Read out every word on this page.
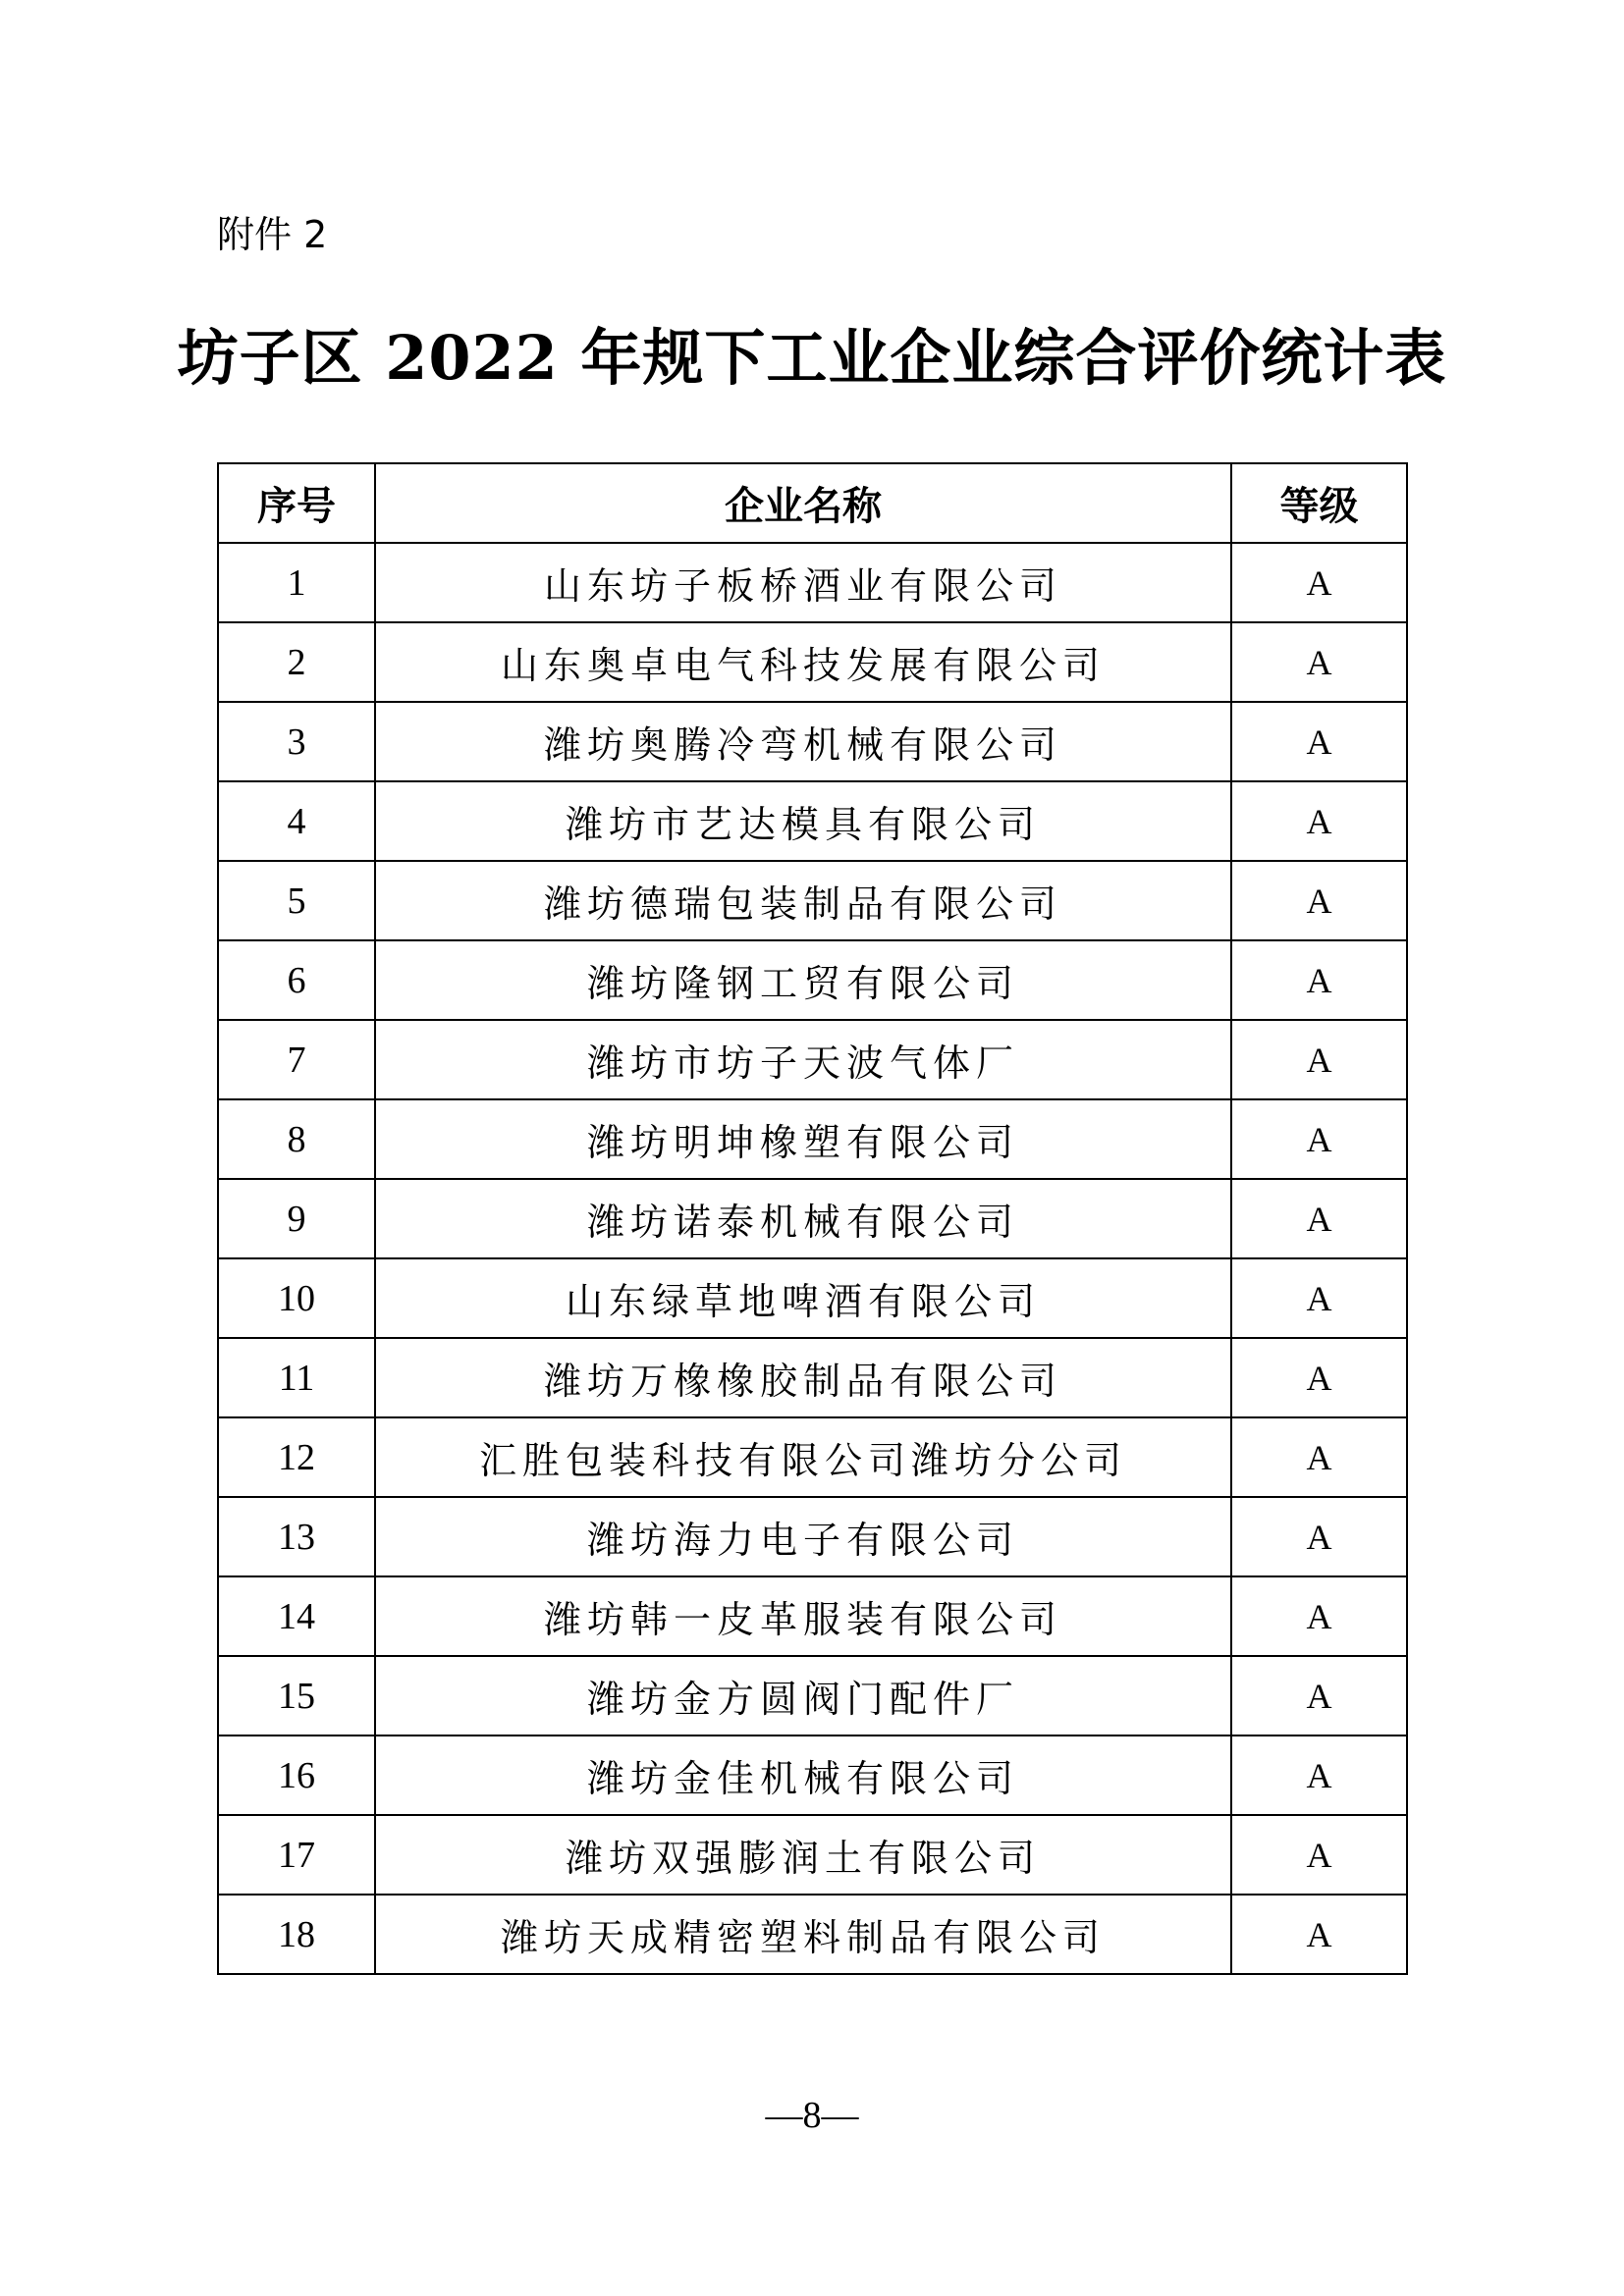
附件 2
坊子区 2022 年规下工业企业综合评价统计表
序号	企业名称	等级
1	山东坊子板桥酒业有限公司	A
2	山东奥卓电气科技发展有限公司	A
3	潍坊奥腾冷弯机械有限公司	A
4	潍坊市艺达模具有限公司	A
5	潍坊德瑞包装制品有限公司	A
6	潍坊隆钢工贸有限公司	A
7	潍坊市坊子天波气体厂	A
8	潍坊明坤橡塑有限公司	A
9	潍坊诺泰机械有限公司	A
10	山东绿草地啤酒有限公司	A
11	潍坊万橡橡胶制品有限公司	A
12	汇胜包装科技有限公司潍坊分公司	A
13	潍坊海力电子有限公司	A
14	潍坊韩一皮革服装有限公司	A
15	潍坊金方圆阀门配件厂	A
16	潍坊金佳机械有限公司	A
17	潍坊双强膨润土有限公司	A
18	潍坊天成精密塑料制品有限公司	A
—8—
